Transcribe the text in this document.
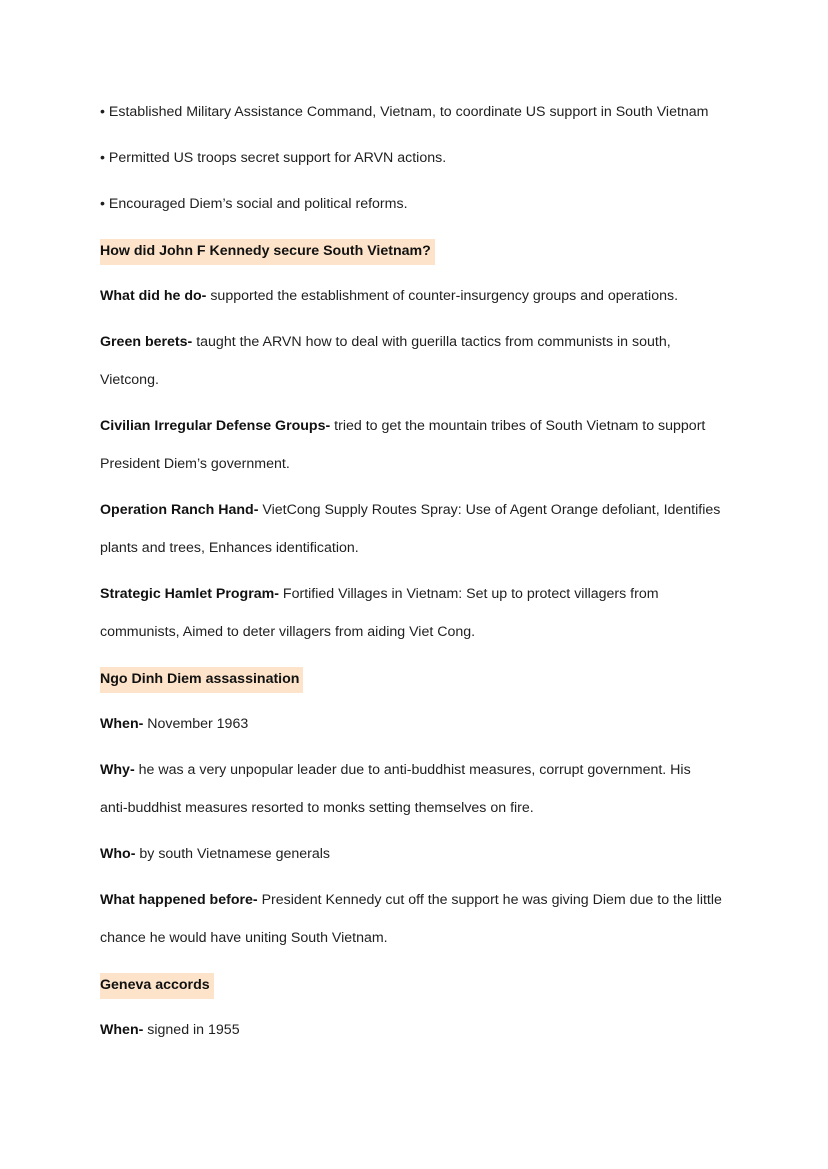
• Established Military Assistance Command, Vietnam, to coordinate US support in South Vietnam
• Permitted US troops secret support for ARVN actions.
• Encouraged Diem’s social and political reforms.
How did John F Kennedy secure South Vietnam?
What did he do- supported the establishment of counter-insurgency groups and operations.
Green berets- taught the ARVN how to deal with guerilla tactics from communists in south,
Vietcong.
Civilian Irregular Defense Groups- tried to get the mountain tribes of South Vietnam to support
President Diem’s government.
Operation Ranch Hand- VietCong Supply Routes Spray: Use of Agent Orange defoliant, Identifies
plants and trees, Enhances identification.
Strategic Hamlet Program- Fortified Villages in Vietnam: Set up to protect villagers from
communists, Aimed to deter villagers from aiding Viet Cong.
Ngo Dinh Diem assassination
When- November 1963
Why- he was a very unpopular leader due to anti-buddhist measures, corrupt government. His
anti-buddhist measures resorted to monks setting themselves on fire.
Who- by south Vietnamese generals
What happened before- President Kennedy cut off the support he was giving Diem due to the little
chance he would have uniting South Vietnam.
Geneva accords
When- signed in 1955
